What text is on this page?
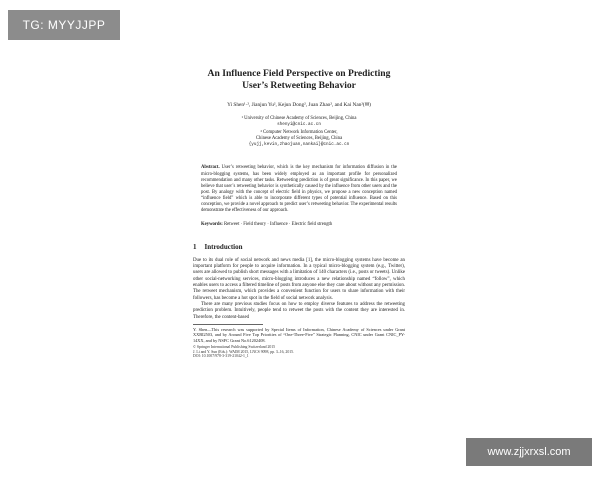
TG: MYYJJPP
An Influence Field Perspective on Predicting
User’s Retweeting Behavior
Yi Shen¹·², Jianjun Yu², Kejun Dong², Juan Zhao², and Kai Nan²(✉)
¹ University of Chinese Academy of Sciences, Beijing, China
shenyi@cnic.ac.cn
² Computer Network Information Center,
Chinese Academy of Sciences, Beijing, China
{yujj,kevin,zhaojuan,nankai}@cnic.ac.cn
Abstract. User’s retweeting behavior, which is the key mechanism for information diffusion in the micro-blogging systems, has been widely employed as an important profile for personalized recommendation and many other tasks. Retweeting prediction is of great significance. In this paper, we believe that user’s retweeting behavior is synthetically caused by the influence from other users and the post. By analogy with the concept of electric field in physics, we propose a new conception named “influence field” which is able to incorporate different types of potential influence. Based on this conception, we provide a novel approach to predict user’s retweeting behavior. The experimental results demonstrate the effectiveness of our approach.
Keywords: Retweet · Field theory · Influence · Electric field strength
1 Introduction

Due to its dual role of social network and news media [1], the micro-blogging systems have become an important platform for people to acquire information. In a typical micro-blogging system (e.g., Twitter), users are allowed to publish short messages with a limitation of 140 characters (i.e., posts or tweets). Unlike other social-networking services, micro-blogging introduces a new relationship named “follow”, which enables users to access a filtered timeline of posts from anyone else they care about without any permission. The retweet mechanism, which provides a convenient function for users to share information with their followers, has become a hot spot in the field of social network analysis.

There are many previous studies focus on how to employ diverse features to address the retweeting prediction problem. Intuitively, people tend to retweet the posts with the content they are interested in. Therefore, the content-based

Y. Shen—This research was supported by Special Items of Information, Chinese Academy of Sciences under Grant XXBI2503, and by Around Five Top Priorities of “One-Three-Five” Strategic Planning, CNIC under Grant CNIC_PY-14XX, and by NSFC Grant No.61202408.
© Springer International Publishing Switzerland 2015
J. Li and Y. Sun (Eds.): WAIM 2015, LNCS 9098, pp. 3–16, 2015.
DOI: 10.1007/978-3-319-21042-1_1
www.zjjxrxsl.com
